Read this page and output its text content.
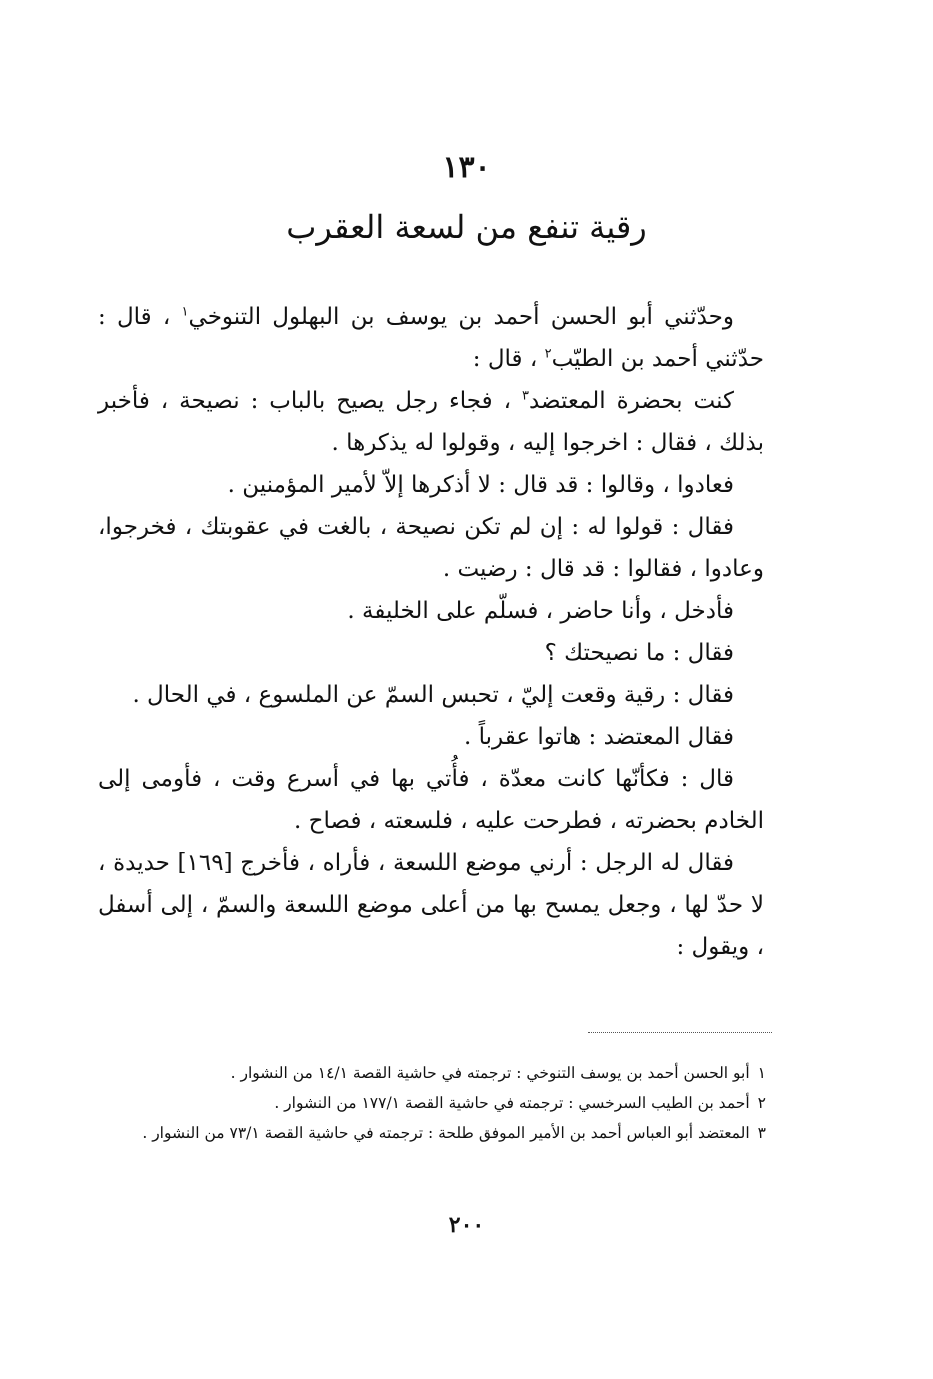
١٣٠
رقية تنفع من لسعة العقرب

وحدّثني أبو الحسن أحمد بن يوسف بن البهلول التنوخي$^١$ ، قال : حدّثني أحمد بن الطيّب$^٢$ ، قال :

كنت بحضرة المعتضد$^٣$ ، فجاء رجل يصيح بالباب : نصيحة ، فأخبر بذلك ، فقال : اخرجوا إليه ، وقولوا له يذكرها .

فعادوا ، وقالوا : قد قال : لا أذكرها إلاّ لأمير المؤمنين .

فقال : قولوا له : إن لم تكن نصيحة ، بالغت في عقوبتك ، فخرجوا، وعادوا ، فقالوا : قد قال : رضيت .

فأدخل ، وأنا حاضر ، فسلّم على الخليفة .

فقال : ما نصيحتك ؟

فقال : رقية وقعت إليّ ، تحبس السمّ عن الملسوع ، في الحال .

فقال المعتضد : هاتوا عقرباً .

قال : فكأنّها كانت معدّة ، فأُتي بها في أسرع وقت ، فأومى إلى الخادم بحضرته ، فطرحت عليه ، فلسعته ، فصاح .

فقال له الرجل : أرني موضع اللسعة ، فأراه ، فأخرج [١٦٩] حديدة ، لا حدّ لها ، وجعل يمسح بها من أعلى موضع اللسعة والسمّ ، إلى أسفل ، ويقول :

١أبو الحسن أحمد بن يوسف التنوخي : ترجمته في حاشية القصة ١٤/١ من النشوار .

٢أحمد بن الطيب السرخسي : ترجمته في حاشية القصة ١٧٧/١ من النشوار .

٣المعتضد أبو العباس أحمد بن الأمير الموفق طلحة : ترجمته في حاشية القصة ٧٣/١ من النشوار .

٢٠٠
